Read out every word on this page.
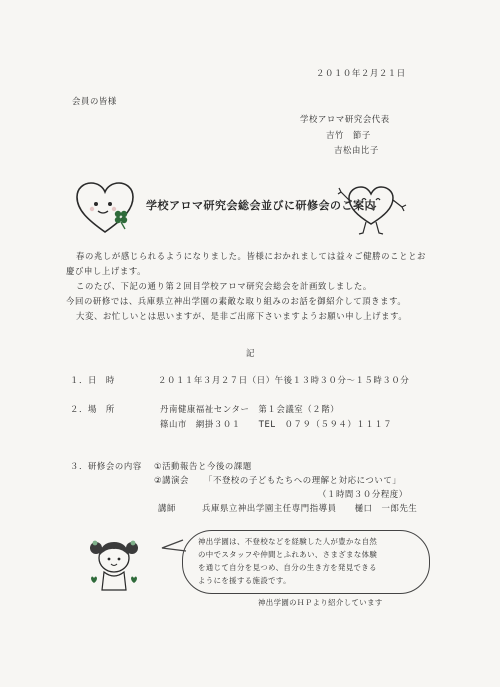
２０１０年２月２１日
会員の皆様
学校アロマ研究会代表
吉竹　節子
吉松由比子
学校アロマ研究会総会並びに研修会のご案内
春の兆しが感じられるようになりました。皆様におかれましては益々ご健勝のこととお
慶び申し上げます。
このたび、下記の通り第２回目学校アロマ研究会総会を計画致しました。
今回の研修では、兵庫県立神出学園の素敵な取り組みのお話を御紹介して頂きます。
大変、お忙しいとは思いますが、是非ご出席下さいますようお願い申し上げます。
記
１．日　時	２０１１年３月２７日（日）午後１３時３０分～１５時３０分
２．場　所	丹南健康福祉センター　第１会議室（２階）
篠山市　網掛３０１　　TEL　０７９（５９４）１１１７
３．研修会の内容 ①活動報告と今後の課題
②講演会 「不登校の子どもたちへの理解と対応について」
（１時間３０分程度）
講師	兵庫県立神出学園主任専門指導員　　樋口　一郎先生
神出学園は、不登校などを経験した人が豊かな自然
の中でスタッフや仲間とふれあい、さまざまな体験
を通じて自分を見つめ、自分の生き方を発見できる
ようにを援する施設です。
神出学園のＨＰより紹介しています
